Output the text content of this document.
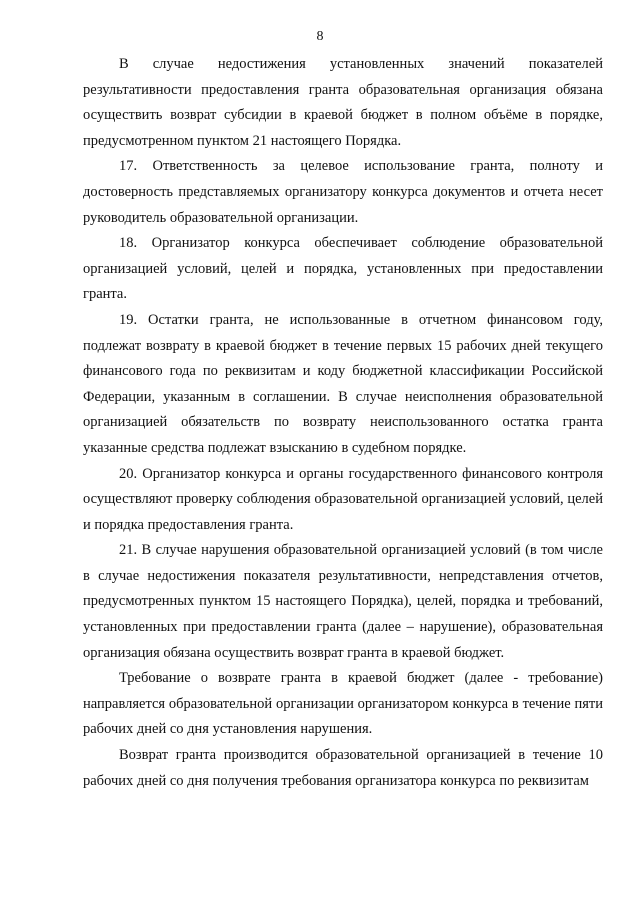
8

В случае недостижения установленных значений показателей результативности предоставления гранта образовательная организация обязана осуществить возврат субсидии в краевой бюджет в полном объёме в порядке, предусмотренном пунктом 21 настоящего Порядка.

17. Ответственность за целевое использование гранта, полноту и достоверность представляемых организатору конкурса документов и отчета несет руководитель образовательной организации.

18. Организатор конкурса обеспечивает соблюдение образовательной организацией условий, целей и порядка, установленных при предоставлении гранта.

19. Остатки гранта, не использованные в отчетном финансовом году, подлежат возврату в краевой бюджет в течение первых 15 рабочих дней текущего финансового года по реквизитам и коду бюджетной классификации Российской Федерации, указанным в соглашении. В случае неисполнения образовательной организацией обязательств по возврату неиспользованного остатка гранта указанные средства подлежат взысканию в судебном порядке.

20. Организатор конкурса и органы государственного финансового контроля осуществляют проверку соблюдения образовательной организацией условий, целей и порядка предоставления гранта.

21. В случае нарушения образовательной организацией условий (в том числе в случае недостижения показателя результативности, непредставления отчетов, предусмотренных пунктом 15 настоящего Порядка), целей, порядка и требований, установленных при предоставлении гранта (далее – нарушение), образовательная организация обязана осуществить возврат гранта в краевой бюджет.

Требование о возврате гранта в краевой бюджет (далее - требование) направляется образовательной организации организатором конкурса в течение пяти рабочих дней со дня установления нарушения.

Возврат гранта производится образовательной организацией в течение 10 рабочих дней со дня получения требования организатора конкурса по реквизитам
